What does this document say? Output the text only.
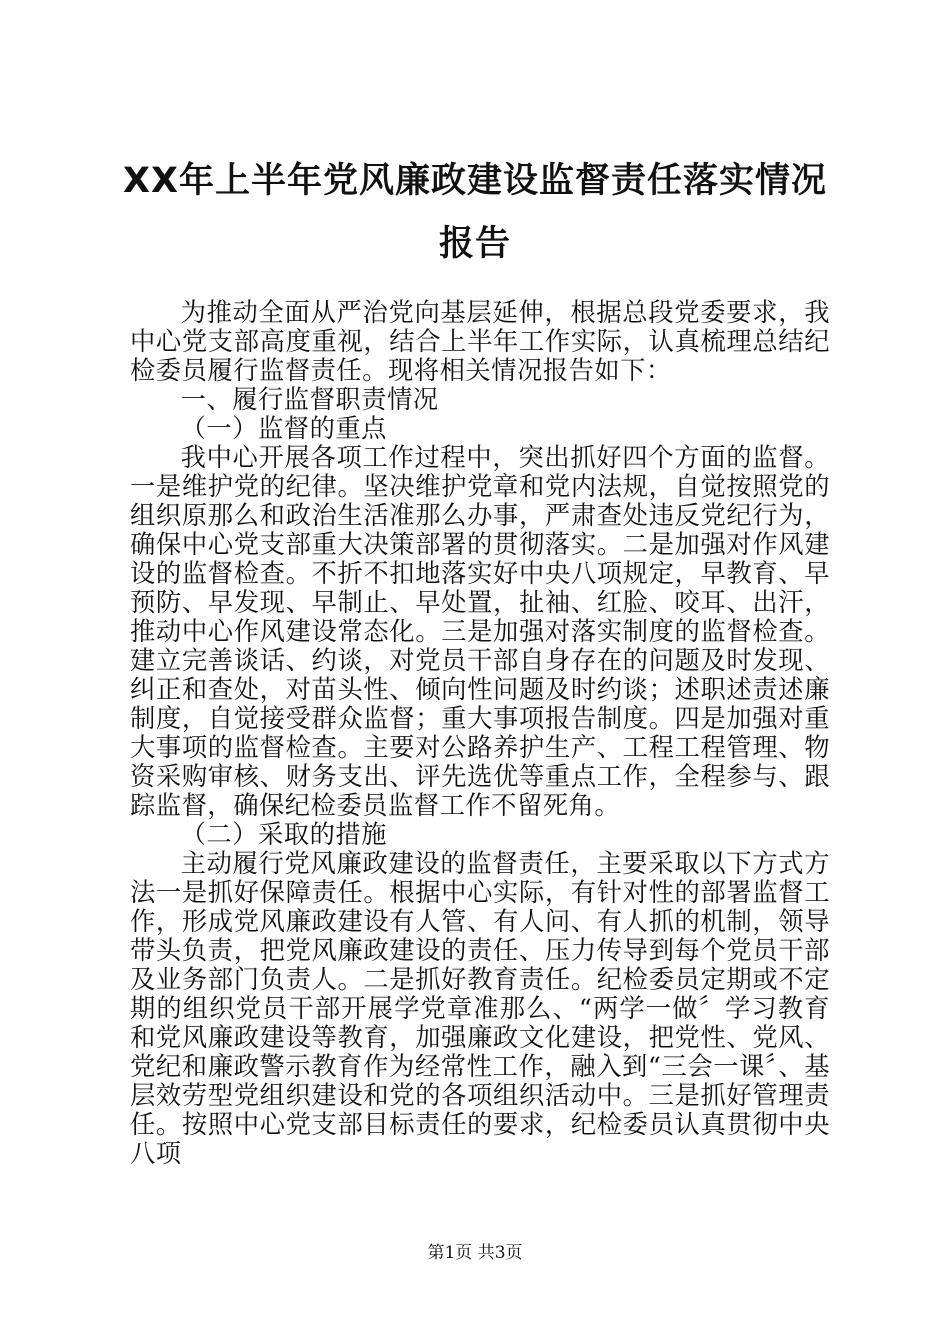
XX年上半年党风廉政建设监督责任落实情况
报告

为推动全面从严治党向基层延伸，根据总段党委要求，我中心党支部高度重视，结合上半年工作实际，认真梳理总结纪检委员履行监督责任。现将相关情况报告如下：

一、履行监督职责情况

（一）监督的重点

我中心开展各项工作过程中，突出抓好四个方面的监督。一是维护党的纪律。坚决维护党章和党内法规，自觉按照党的组织原那么和政治生活准那么办事，严肃查处违反党纪行为，确保中心党支部重大决策部署的贯彻落实。二是加强对作风建设的监督检查。不折不扣地落实好中央八项规定，早教育、早预防、早发现、早制止、早处置，扯袖、红脸、咬耳、出汗，推动中心作风建设常态化。三是加强对落实制度的监督检查。建立完善谈话、约谈，对党员干部自身存在的问题及时发现、纠正和查处，对苗头性、倾向性问题及时约谈；述职述责述廉制度，自觉接受群众监督；重大事项报告制度。四是加强对重大事项的监督检查。主要对公路养护生产、工程工程管理、物资采购审核、财务支出、评先选优等重点工作，全程参与、跟踪监督，确保纪检委员监督工作不留死角。

（二）采取的措施

主动履行党风廉政建设的监督责任，主要采取以下方式方法一是抓好保障责任。根据中心实际，有针对性的部署监督工作，形成党风廉政建设有人管、有人问、有人抓的机制，领导带头负责，把党风廉政建设的责任、压力传导到每个党员干部及业务部门负责人。二是抓好教育责任。纪检委员定期或不定期的组织党员干部开展学党章准那么、“两学一做〞学习教育和党风廉政建设等教育，加强廉政文化建设，把党性、党风、党纪和廉政警示教育作为经常性工作，融入到“三会一课〞、基层效劳型党组织建设和党的各项组织活动中。三是抓好管理责任。按照中心党支部目标责任的要求，纪检委员认真贯彻中央八项

第1页 共3页
